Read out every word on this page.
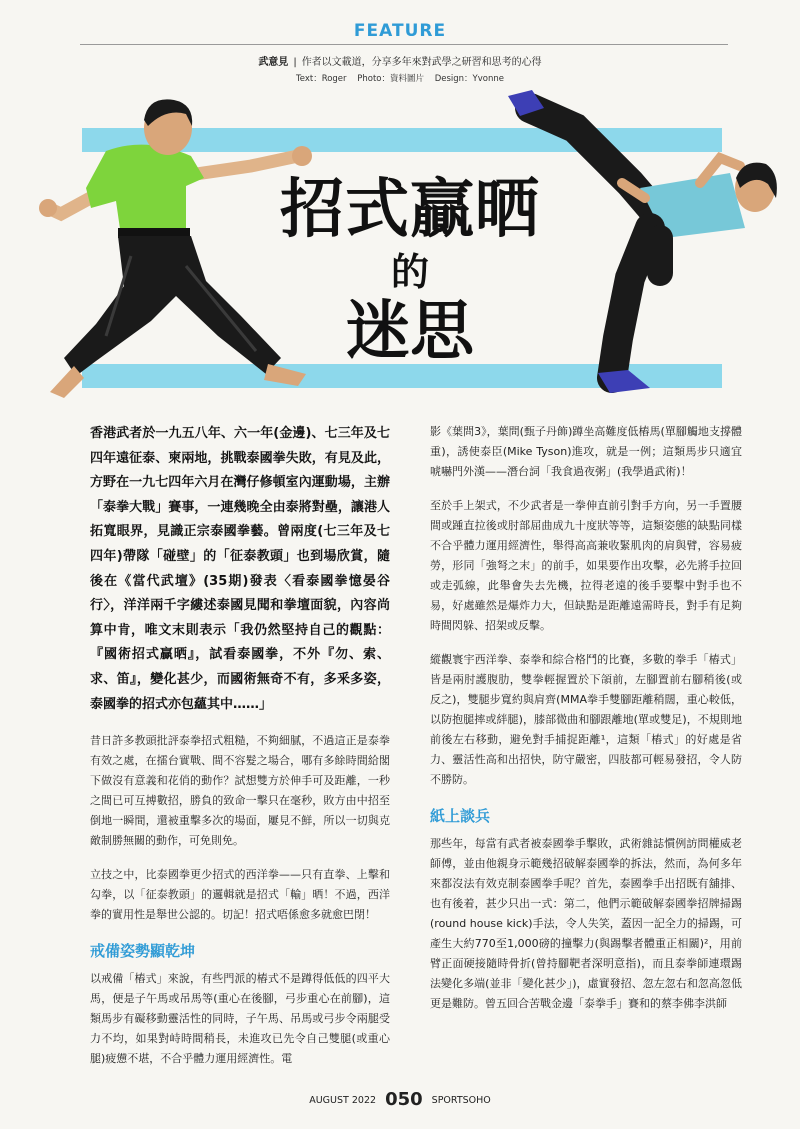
FEATURE
武意見 | 作者以文載道，分享多年來對武學之研習和思考的心得
Text：Roger Photo：資料圖片 Design：Yvonne
招式贏晒
的
迷思

香港武者於一九五八年、六一年(金邊)、七三年及七四年遠征泰、柬兩地，挑戰泰國拳失敗，有見及此，方野在一九七四年六月在灣仔修頓室內運動場，主辦「泰拳大戰」賽事，一連幾晚全由泰將對壘，讓港人拓寬眼界，見識正宗泰國拳藝。曾兩度(七三年及七四年)帶隊「碰壁」的「征泰教頭」也到場欣賞，隨後在《當代武壇》(35期)發表〈看泰國拳憶晏谷行〉，洋洋兩千字縷述泰國見聞和拳壇面貌，內容尚算中肯，唯文末則表示「我仍然堅持自己的觀點：『國術招式贏晒』，試看泰國拳，不外『勿、索、求、笛』，變化甚少，而國術無奇不有，多釆多姿，泰國拳的招式亦包蘊其中……」

昔日許多教頭批評泰拳招式粗糙，不夠細膩，不過這正是泰拳有效之處，在擂台實戰、間不容髮之場合，哪有多餘時間給閣下做沒有意義和花俏的動作？試想雙方於伸手可及距離，一秒之間已可互搏數招，勝負的致命一擊只在毫秒，敗方由中招至倒地一瞬間，還被重擊多次的場面，屢見不鮮，所以一切與克敵制勝無關的動作，可免則免。

立技之中，比泰國拳更少招式的西洋拳——只有直拳、上擊和勾拳，以「征泰教頭」的邏輯就是招式「輸」晒！不過，西洋拳的實用性是舉世公認的。切記！招式唔係愈多就愈巴閉！

戒備姿勢顯乾坤

以戒備「樁式」來說，有些門派的樁式不是蹲得低低的四平大馬，便是子午馬或吊馬等(重心在後腳，弓步重心在前腳)，這類馬步有礙移動靈活性的同時，子午馬、吊馬或弓步令兩腿受力不均，如果對峙時間稍長，未進攻已先令自己雙腿(或重心腿)疲憊不堪，不合乎體力運用經濟性。電

影《葉問3》，葉問(甄子丹飾)蹲坐高難度低樁馬(單腳觸地支撐體重)，誘使泰臣(Mike Tyson)進攻，就是一例；這類馬步只適宜唬嚇門外漢——潛台詞「我食過夜粥」(我學過武術)！

至於手上架式，不少武者是一拳伸直前引對手方向，另一手置腰間或踵直拉後或肘部屈曲成九十度狀等等，這類姿態的缺點同樣不合乎體力運用經濟性，舉得高高兼收緊肌肉的肩與臂，容易疲勞，形同「強弩之末」的前手，如果要作出攻擊，必先將手拉回或走弧線，此舉會失去先機，拉得老遠的後手要擊中對手也不易，好處雖然是爆炸力大，但缺點是距離遠需時長，對手有足夠時間閃躲、招架或反擊。

縱觀寰宇西洋拳、泰拳和綜合格鬥的比賽，多數的拳手「樁式」皆是兩肘護腹肋，雙拳輕握置於下頜前，左腳置前右腳稍後(或反之)，雙腿步寬約與肩齊(MMA拳手雙腳距離稍闊，重心較低，以防抱腿摔或絆腿)，膝部微曲和腳跟離地(單或雙足)，不規則地前後左右移動，避免對手捕捉距離¹，這類「樁式」的好處是省力、靈活性高和出招快，防守嚴密，四肢都可輕易發招，令人防不勝防。

紙上談兵

那些年，每當有武者被泰國拳手擊敗，武術雜誌慣例訪問權威老師傅，並由他親身示範幾招破解泰國拳的拆法，然而，為何多年來都沒法有效克制泰國拳手呢？首先，泰國拳手出招既有舖排、也有後着，甚少只出一式：第二，他們示範破解泰國拳招牌掃踢(round house kick)手法，令人失笑，蓋因一記全力的掃踢，可產生大約770至1,000磅的撞擊力(與踢擊者體重正相關)²，用前臂正面硬接隨時骨折(曾持腳靶者深明意指)，而且泰拳師連環踢法變化多端(並非「變化甚少」)，虛實發招、忽左忽右和忽高忽低更是難防。曾五回合苦戰金邊「泰拳手」賽和的蔡李佛李洪師

AUGUST 2022 050 SPORTSOHO
